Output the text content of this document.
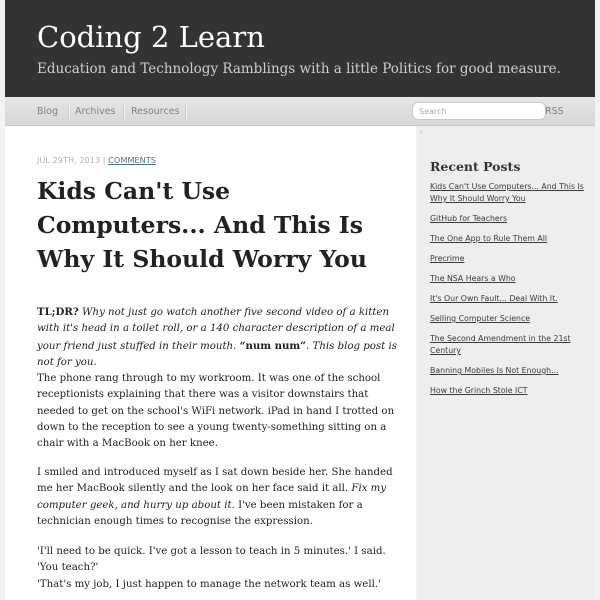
Coding 2 Learn
Education and Technology Ramblings with a little Politics for good measure.
Blog Archives Resources
Search	RSS
JUL 29TH, 2013 | COMMENTS
Kids Can't Use Computers... And This Is Why It Should Worry You

TL;DR? Why not just go watch another five second video of a kitten with it's head in a toilet roll, or a 140 character description of a meal your friend just stuffed in their mouth. “num num”. This blog post is not for you.

The phone rang through to my workroom. It was one of the school receptionists explaining that there was a visitor downstairs that needed to get on the school's WiFi network. iPad in hand I trotted on down to the reception to see a young twenty-something sitting on a chair with a MacBook on her knee.

I smiled and introduced myself as I sat down beside her. She handed me her MacBook silently and the look on her face said it all. Fix my computer geek, and hurry up about it. I've been mistaken for a technician enough times to recognise the expression.

'I'll need to be quick. I've got a lesson to teach in 5 minutes.' I said.
'You teach?'
'That's my job, I just happen to manage the network team as well.'

»
Recent Posts
Kids Can't Use Computers... And This Is Why It Should Worry You
GitHub for Teachers
The One App to Rule Them All
Precrime
The NSA Hears a Who
It's Our Own Fault... Deal With It.
Selling Computer Science
The Second Amendment in the 21st Century
Banning Mobiles Is Not Enough...
How the Grinch Stole ICT
